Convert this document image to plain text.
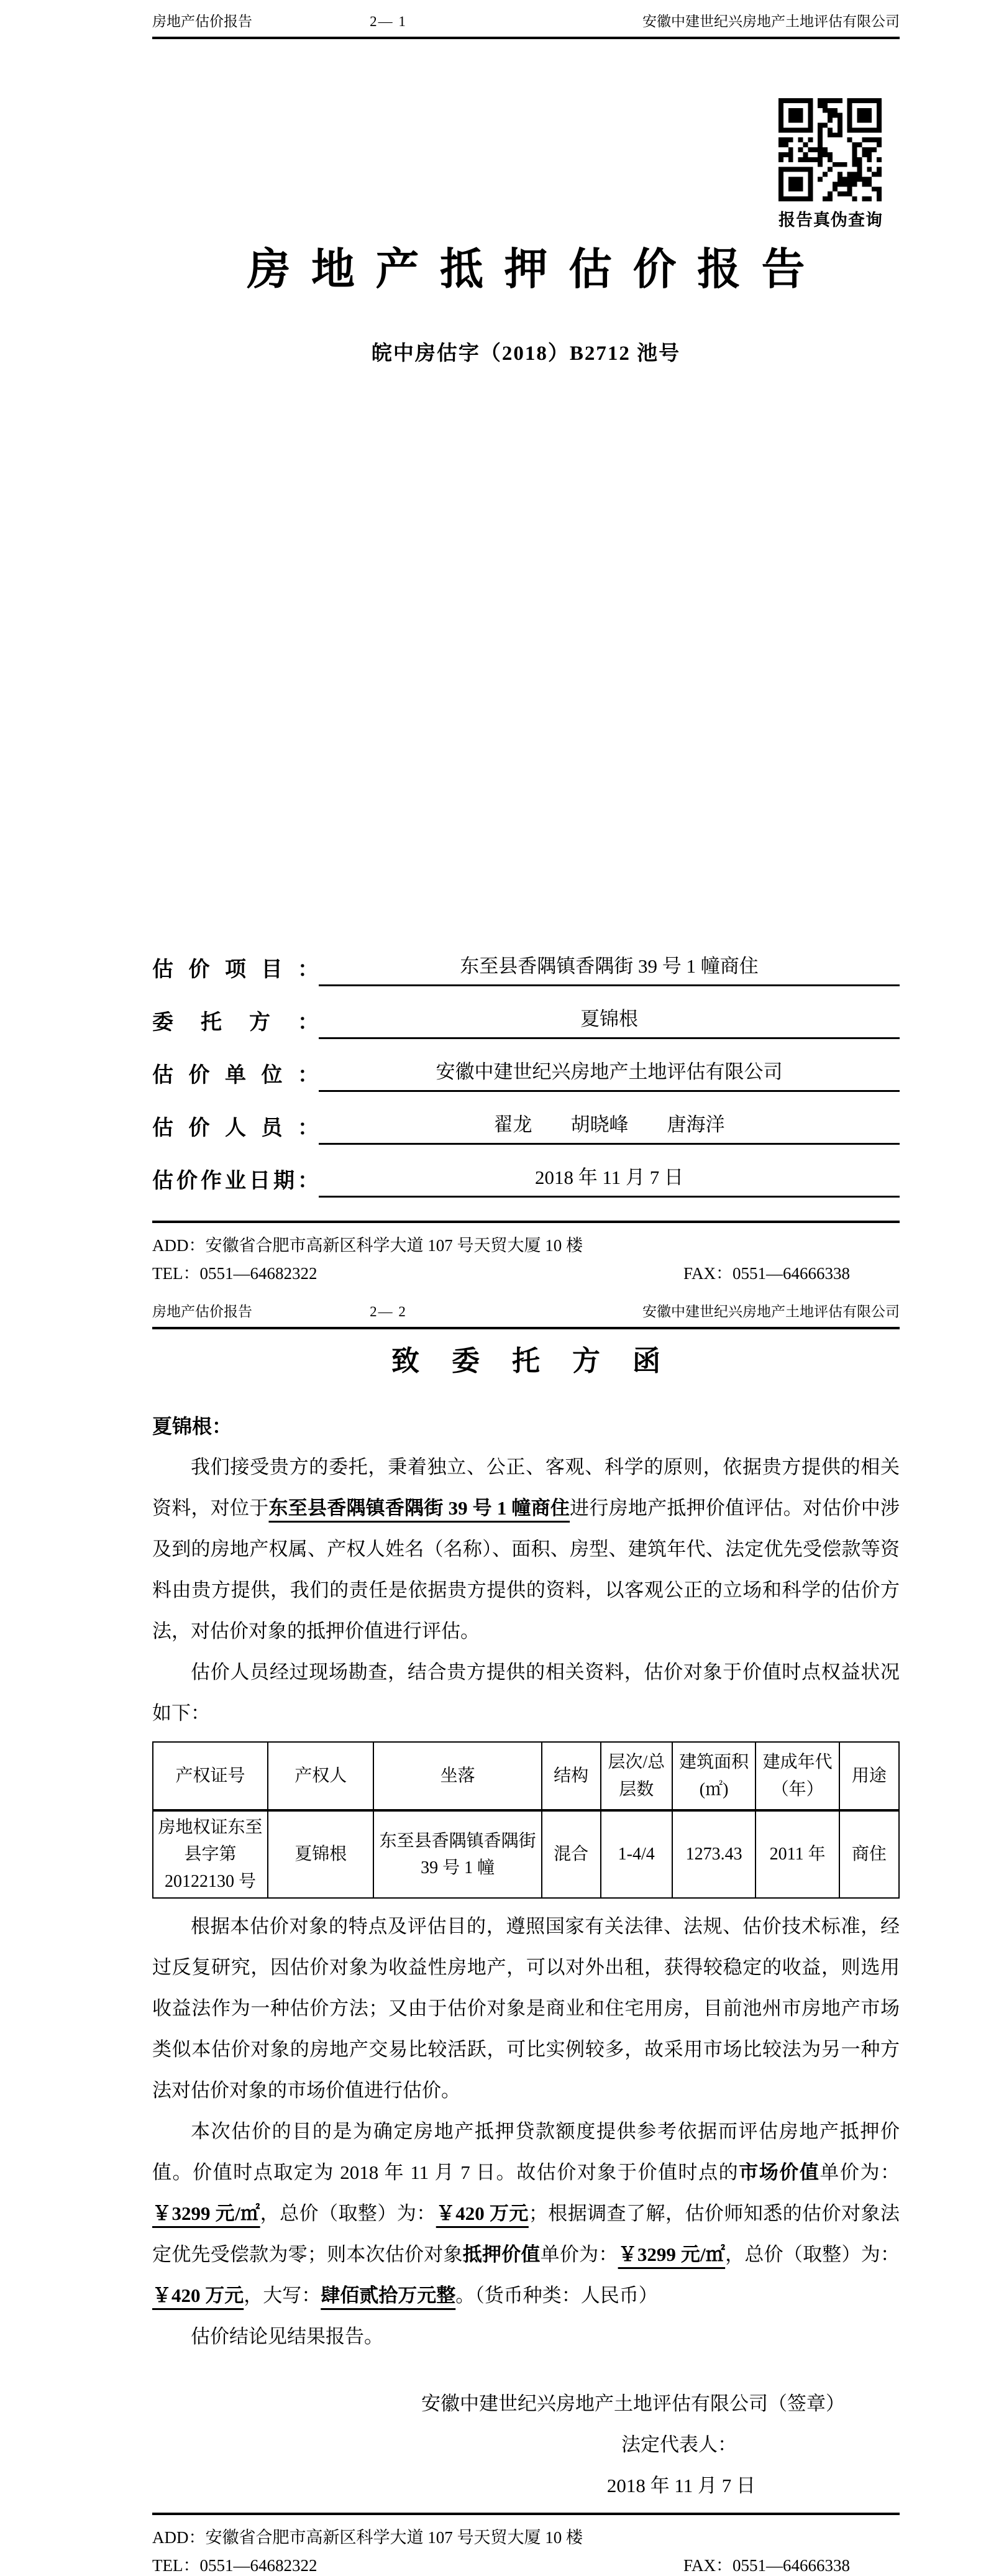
房地产估价报告	2— 1	安徽中建世纪兴房地产土地评估有限公司
报告真伪查询
房 地 产 抵 押 估 价 报 告
皖中房估字（2018）B2712 池号
估价项目：	东至县香隅镇香隅街 39 号 1 幢商住
委托方：	夏锦根
估价单位：	安徽中建世纪兴房地产土地评估有限公司
估价人员：	翟龙　　胡晓峰　　唐海洋
估价作业日期：	2018 年 11 月 7 日
ADD：安徽省合肥市高新区科学大道 107 号天贸大厦 10 楼
TEL：0551—64682322	FAX：0551—64666338
房地产估价报告	2— 2	安徽中建世纪兴房地产土地评估有限公司
致委托方函
夏锦根：

我们接受贵方的委托，秉着独立、公正、客观、科学的原则，依据贵方提供的相关资料，对位于东至县香隅镇香隅街 39 号 1 幢商住进行房地产抵押价值评估。对估价中涉及到的房地产权属、产权人姓名（名称）、面积、房型、建筑年代、法定优先受偿款等资料由贵方提供，我们的责任是依据贵方提供的资料，以客观公正的立场和科学的估价方法，对估价对象的抵押价值进行评估。

估价人员经过现场勘查，结合贵方提供的相关资料，估价对象于价值时点权益状况如下：

产权证号	产权人	坐落	结构	层次/总层数	建筑面积(㎡)	建成年代（年）	用途
房地权证东至县字第 20122130 号	夏锦根	东至县香隅镇香隅街 39 号 1 幢	混合	1-4/4	1273.43	2011 年	商住

根据本估价对象的特点及评估目的，遵照国家有关法律、法规、估价技术标准，经过反复研究，因估价对象为收益性房地产，可以对外出租，获得较稳定的收益，则选用收益法作为一种估价方法；又由于估价对象是商业和住宅用房，目前池州市房地产市场类似本估价对象的房地产交易比较活跃，可比实例较多，故采用市场比较法为另一种方法对估价对象的市场价值进行估价。

本次估价的目的是为确定房地产抵押贷款额度提供参考依据而评估房地产抵押价值。价值时点取定为 2018 年 11 月 7 日。故估价对象于价值时点的市场价值单价为：￥3299 元/㎡，总价（取整）为：￥420 万元；根据调查了解，估价师知悉的估价对象法定优先受偿款为零；则本次估价对象抵押价值单价为：￥3299 元/㎡，总价（取整）为：￥420 万元，大写：肆佰贰拾万元整。（货币种类：人民币）

估价结论见结果报告。

安徽中建世纪兴房地产土地评估有限公司（签章）
法定代表人：
2018 年 11 月 7 日
ADD：安徽省合肥市高新区科学大道 107 号天贸大厦 10 楼
TEL：0551—64682322	FAX：0551—64666338
